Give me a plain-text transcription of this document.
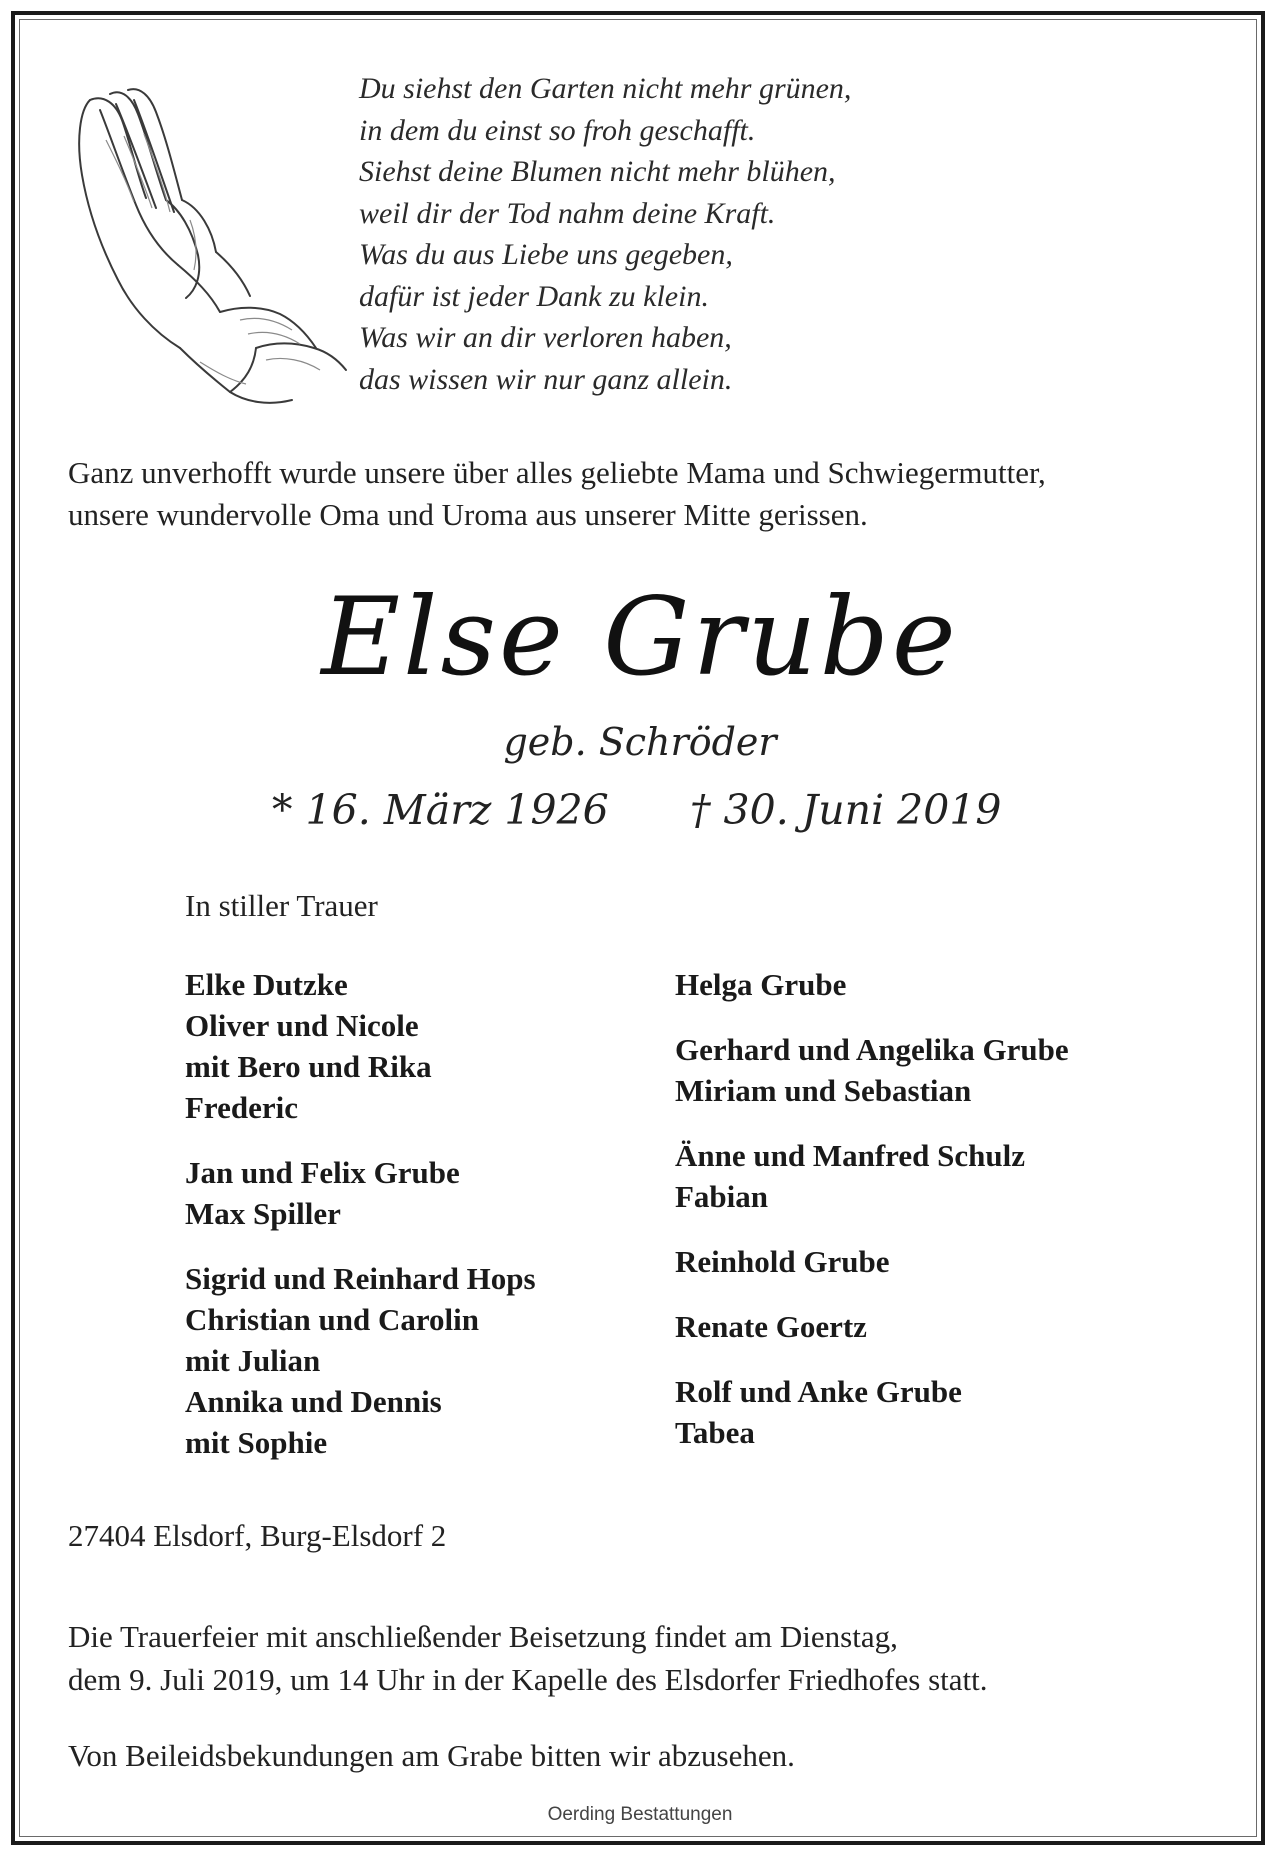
Du siehst den Garten nicht mehr grünen,
in dem du einst so froh geschafft.
Siehst deine Blumen nicht mehr blühen,
weil dir der Tod nahm deine Kraft.
Was du aus Liebe uns gegeben,
dafür ist jeder Dank zu klein.
Was wir an dir verloren haben,
das wissen wir nur ganz allein.
Ganz unverhofft wurde unsere über alles geliebte Mama und Schwiegermutter,
unsere wundervolle Oma und Uroma aus unserer Mitte gerissen.
Else Grube
geb. Schröder
* 16. März 1926 † 30. Juni 2019
In stiller Trauer
Elke Dutzke
Oliver und Nicole
mit Bero und Rika
Frederic
Jan und Felix Grube
Max Spiller
Sigrid und Reinhard Hops
Christian und Carolin
mit Julian
Annika und Dennis
mit Sophie
Helga Grube
Gerhard und Angelika Grube
Miriam und Sebastian
Änne und Manfred Schulz
Fabian
Reinhold Grube
Renate Goertz
Rolf und Anke Grube
Tabea
27404 Elsdorf, Burg-Elsdorf 2
Die Trauerfeier mit anschließender Beisetzung findet am Dienstag,
dem 9. Juli 2019, um 14 Uhr in der Kapelle des Elsdorfer Friedhofes statt.
Von Beileidsbekundungen am Grabe bitten wir abzusehen.
Oerding Bestattungen
